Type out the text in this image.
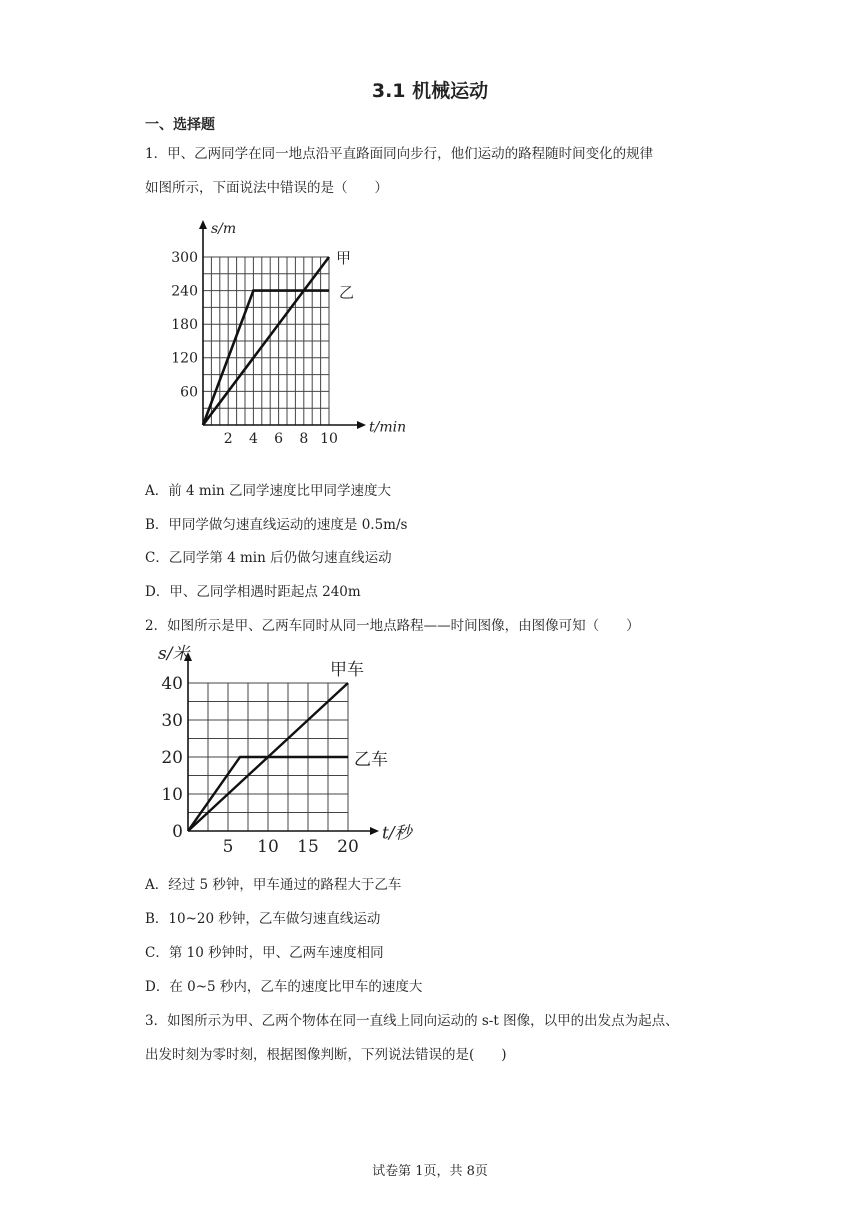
3.1 机械运动
一、选择题
1．甲、乙两同学在同一地点沿平直路面同向步行，他们运动的路程随时间变化的规律
如图所示，下面说法中错误的是（　　）
2 4 6 8 10
60
120
180
240
300
t/min
s/m
甲
乙
A．前 4 min 乙同学速度比甲同学速度大
B．甲同学做匀速直线运动的速度是 0.5m/s
C．乙同学第 4 min 后仍做匀速直线运动
D．甲、乙同学相遇时距起点 240m
2．如图所示是甲、乙两车同时从同一地点路程——时间图像，由图像可知（　　）
5 10 15 20
0
10
20
30
40
t/秒
s/米
甲车
乙车
A．经过 5 秒钟，甲车通过的路程大于乙车
B．10~20 秒钟，乙车做匀速直线运动
C．第 10 秒钟时，甲、乙两车速度相同
D．在 0~5 秒内，乙车的速度比甲车的速度大
3．如图所示为甲、乙两个物体在同一直线上同向运动的 s-t 图像，以甲的出发点为起点、
出发时刻为零时刻，根据图像判断，下列说法错误的是(　　)
试卷第 1页，共 8页
